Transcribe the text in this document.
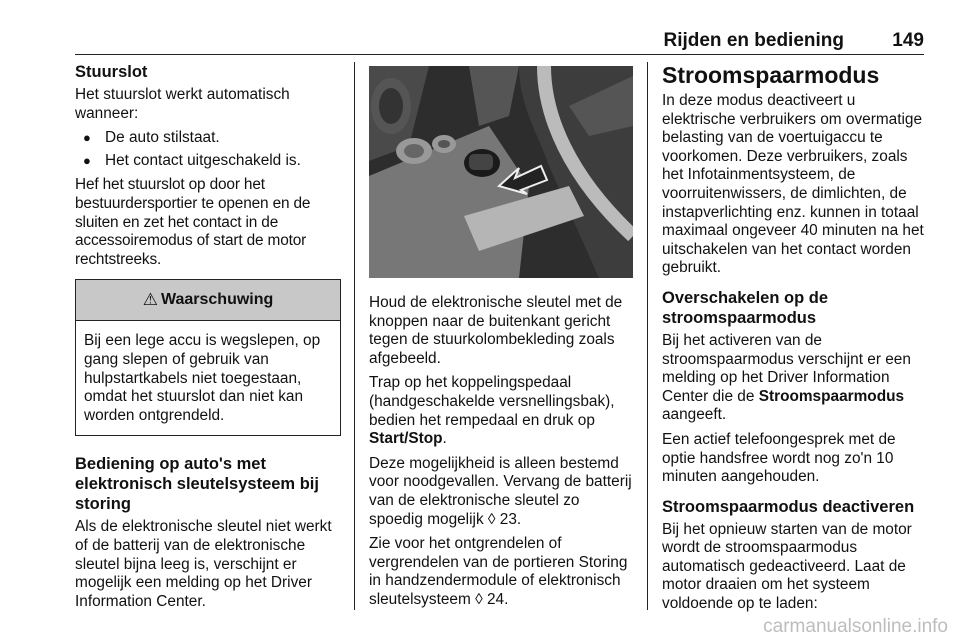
Rijden en bediening	149
Stuurslot

Het stuurslot werkt automatisch wanneer:

● De auto stilstaat.
● Het contact uitgeschakeld is.

Hef het stuurslot op door het bestuurdersportier te openen en de sluiten en zet het contact in de accessoiremodus of start de motor rechtstreeks.

⚠ Waarschuwing
Bij een lege accu is wegslepen, op gang slepen of gebruik van hulpstartkabels niet toegestaan, omdat het stuurslot dan niet kan worden ontgrendeld.
Bediening op auto's met elektronisch sleutelsysteem bij storing

Als de elektronische sleutel niet werkt of de batterij van de elektronische sleutel bijna leeg is, verschijnt er mogelijk een melding op het Driver Information Center.

Houd de elektronische sleutel met de knoppen naar de buitenkant gericht tegen de stuurkolombekleding zoals afgebeeld.

Trap op het koppelingspedaal (handgeschakelde versnellingsbak), bedien het rempedaal en druk op Start/Stop.

Deze mogelijkheid is alleen bestemd voor noodgevallen. Vervang de batterij van de elektronische sleutel zo spoedig mogelijk ◊ 23.

Zie voor het ontgrendelen of vergrendelen van de portieren Storing in handzendermodule of elektronisch sleutelsysteem ◊ 24.

Stroomspaarmodus

In deze modus deactiveert u elektrische verbruikers om overmatige belasting van de voertuigaccu te voorkomen. Deze verbruikers, zoals het Infotainmentsysteem, de voorruitenwissers, de dimlichten, de instapverlichting enz. kunnen in totaal maximaal ongeveer 40 minuten na het uitschakelen van het contact worden gebruikt.

Overschakelen op de stroomspaarmodus

Bij het activeren van de stroomspaarmodus verschijnt er een melding op het Driver Information Center die de Stroomspaarmodus aangeeft.

Een actief telefoongesprek met de optie handsfree wordt nog zo'n 10 minuten aangehouden.

Stroomspaarmodus deactiveren

Bij het opnieuw starten van de motor wordt de stroomspaarmodus automatisch gedeactiveerd. Laat de motor draaien om het systeem voldoende op te laden:

carmanualsonline.info
